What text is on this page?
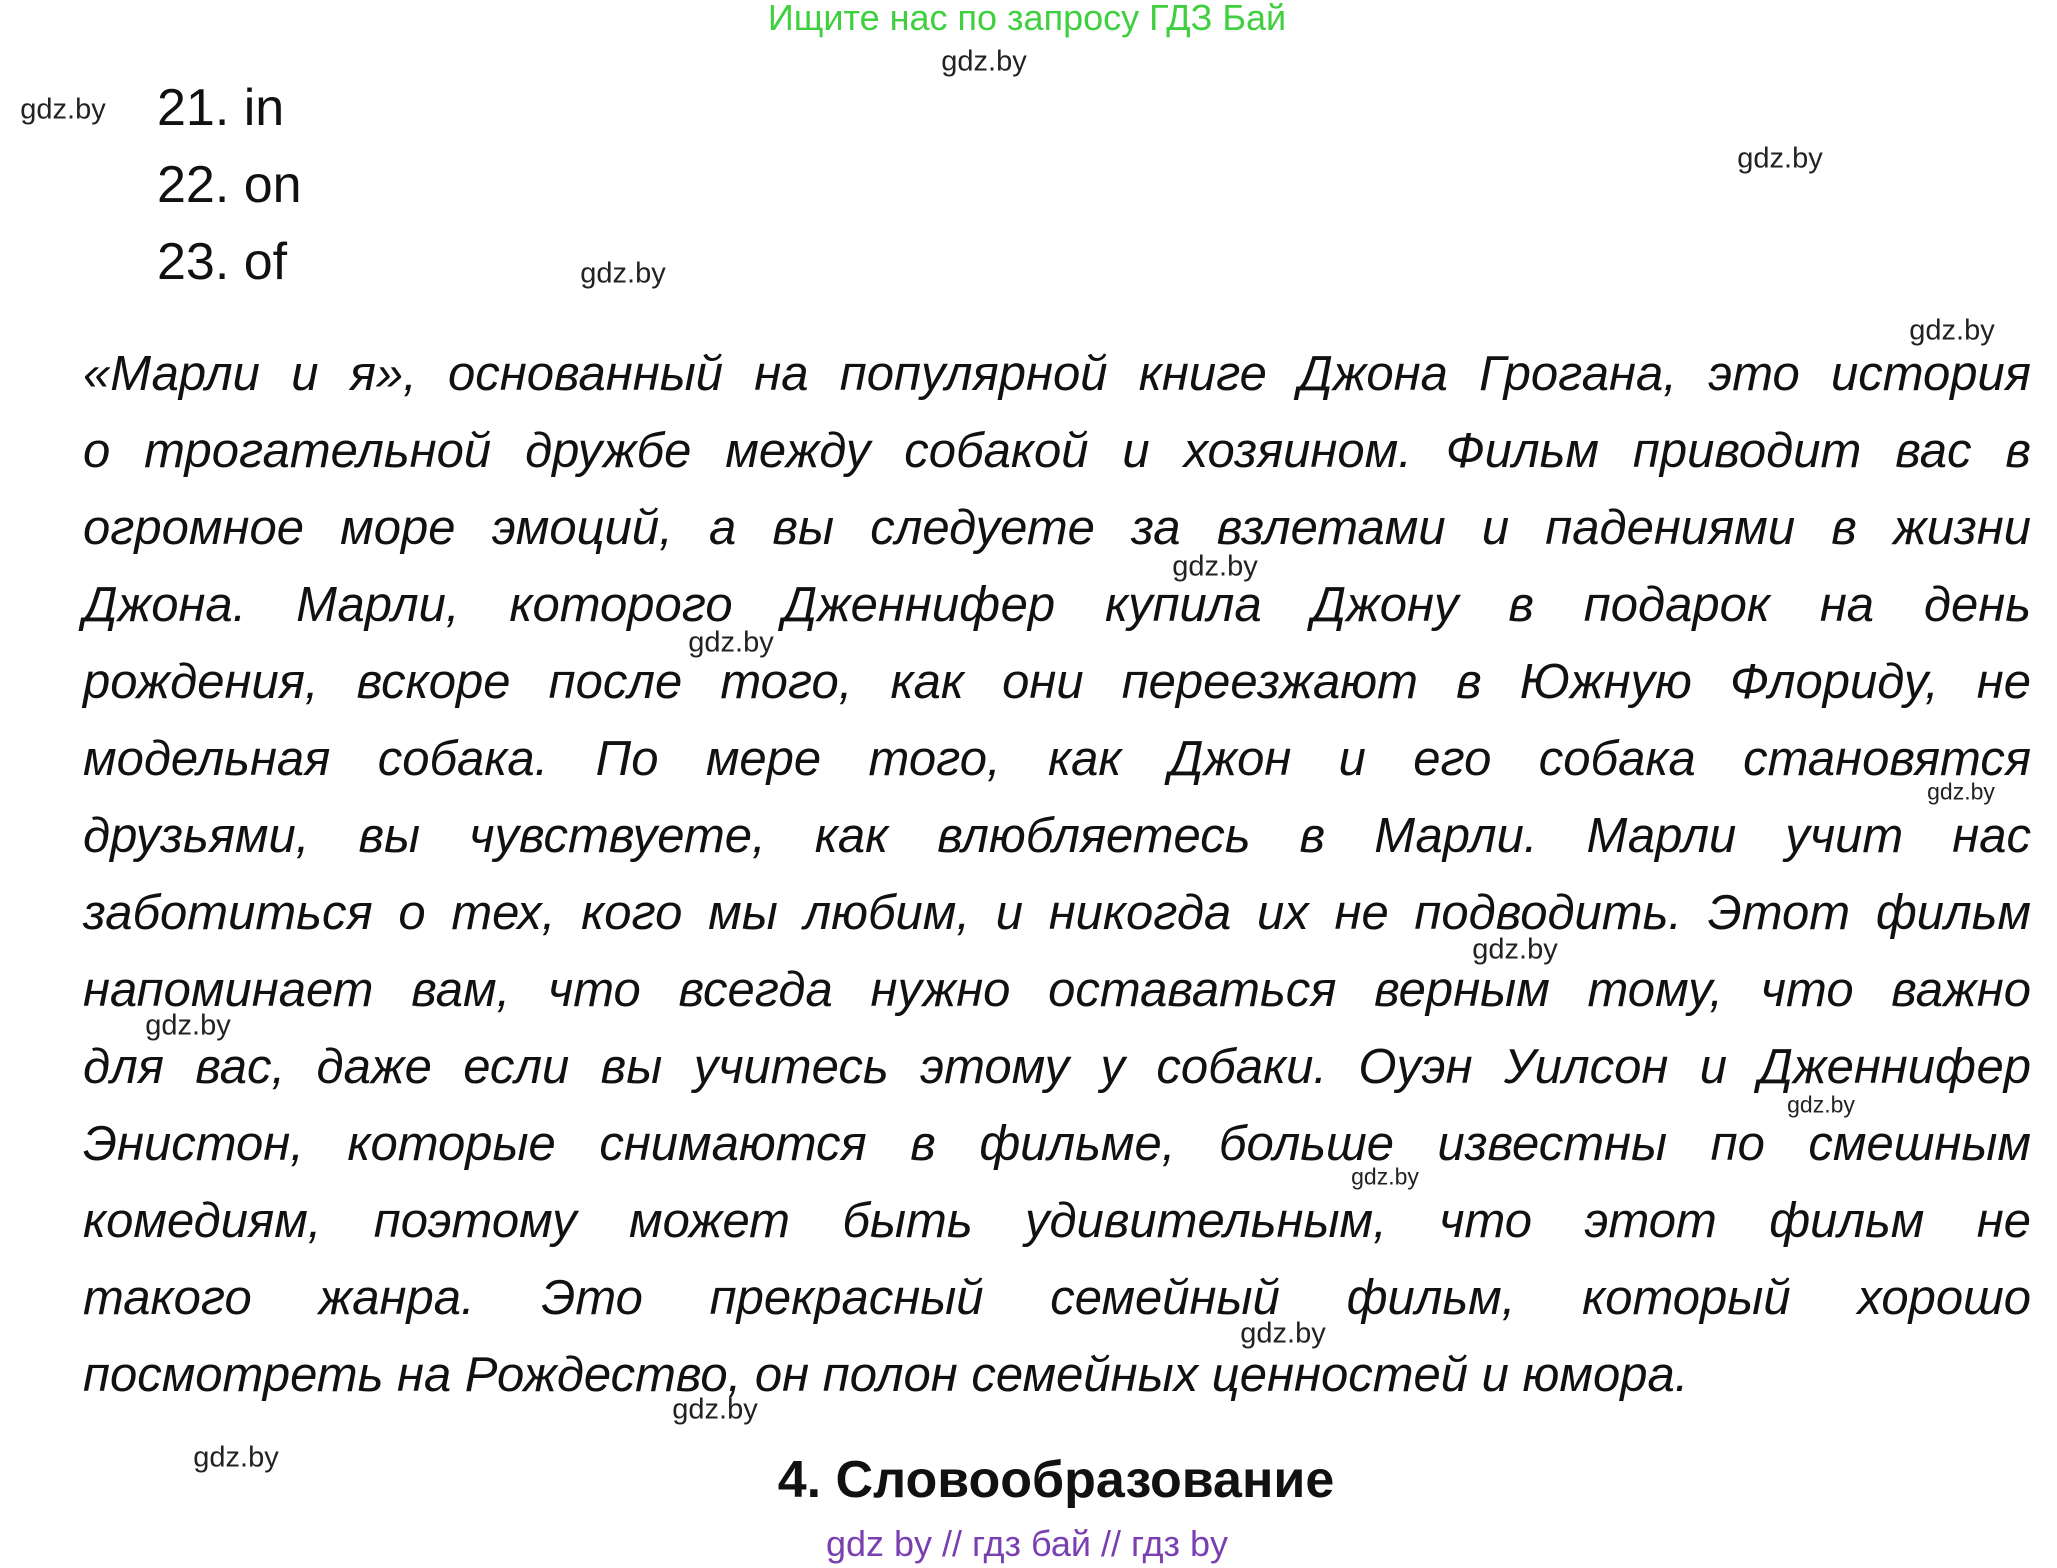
Ищите нас по запросу ГДЗ Бай
21. in
22. on
23. of
«Марли и я», основанный на популярной книге Джона Грогана, это история
о трогательной дружбе между собакой и хозяином. Фильм приводит вас в
огромное море эмоций, а вы следуете за взлетами и падениями в жизни
Джона. Марли, которого Дженнифер купила Джону в подарок на день
рождения, вскоре после того, как они переезжают в Южную Флориду, не
модельная собака. По мере того, как Джон и его собака становятся
друзьями, вы чувствуете, как влюбляетесь в Марли. Марли учит нас
заботиться о тех, кого мы любим, и никогда их не подводить. Этот фильм
напоминает вам, что всегда нужно оставаться верным тому, что важно
для вас, даже если вы учитесь этому у собаки. Оуэн Уилсон и Дженнифер
Энистон, которые снимаются в фильме, больше известны по смешным
комедиям, поэтому может быть удивительным, что этот фильм не
такого жанра. Это прекрасный семейный фильм, который хорошо
посмотреть на Рождество, он полон семейных ценностей и юмора.
4. Словообразование
gdz by // гдз бай // гдз by
gdz.by
gdz.by
gdz.by
gdz.by
gdz.by
gdz.by
gdz.by
gdz.by
gdz.by
gdz.by
gdz.by
gdz.by
gdz.by
gdz.by
gdz.by
